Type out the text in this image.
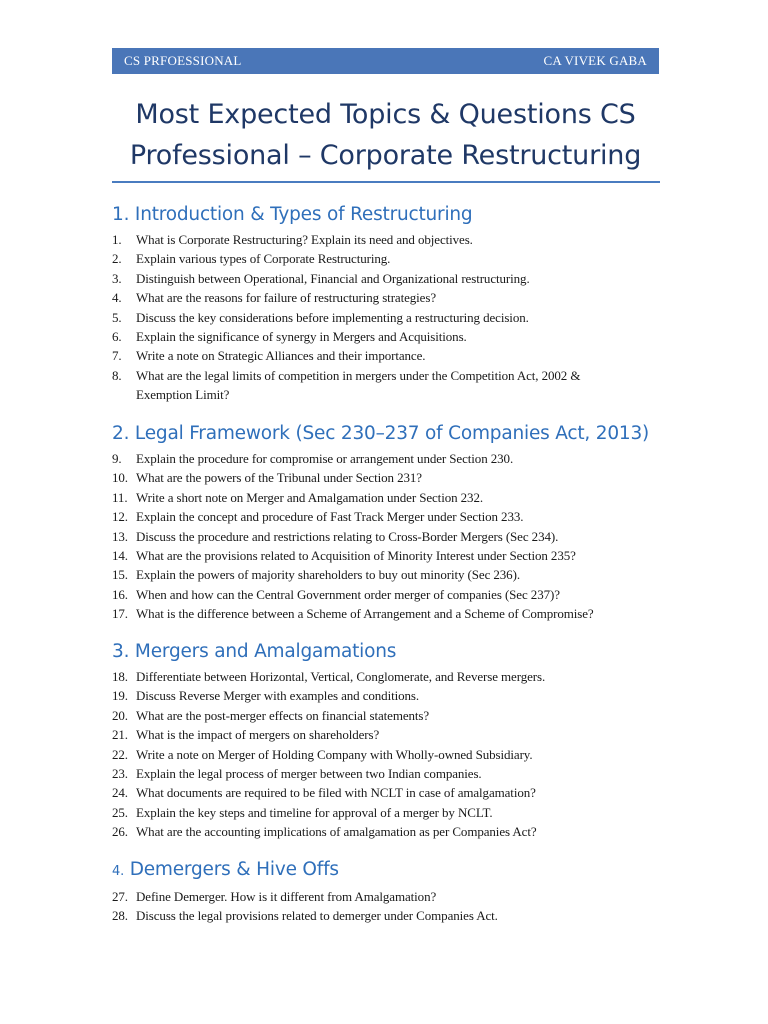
CS PRFOESSIONAL	CA VIVEK GABA
Most Expected Topics & Questions CS
Professional – Corporate Restructuring
1. Introduction & Types of Restructuring
1. What is Corporate Restructuring? Explain its need and objectives.
2. Explain various types of Corporate Restructuring.
3. Distinguish between Operational, Financial and Organizational restructuring.
4. What are the reasons for failure of restructuring strategies?
5. Discuss the key considerations before implementing a restructuring decision.
6. Explain the significance of synergy in Mergers and Acquisitions.
7. Write a note on Strategic Alliances and their importance.
8. What are the legal limits of competition in mergers under the Competition Act, 2002 &
Exemption Limit?
2. Legal Framework (Sec 230–237 of Companies Act, 2013)
9. Explain the procedure for compromise or arrangement under Section 230.
10. What are the powers of the Tribunal under Section 231?
11. Write a short note on Merger and Amalgamation under Section 232.
12. Explain the concept and procedure of Fast Track Merger under Section 233.
13. Discuss the procedure and restrictions relating to Cross-Border Mergers (Sec 234).
14. What are the provisions related to Acquisition of Minority Interest under Section 235?
15. Explain the powers of majority shareholders to buy out minority (Sec 236).
16. When and how can the Central Government order merger of companies (Sec 237)?
17. What is the difference between a Scheme of Arrangement and a Scheme of Compromise?
3. Mergers and Amalgamations
18. Differentiate between Horizontal, Vertical, Conglomerate, and Reverse mergers.
19. Discuss Reverse Merger with examples and conditions.
20. What are the post-merger effects on financial statements?
21. What is the impact of mergers on shareholders?
22. Write a note on Merger of Holding Company with Wholly-owned Subsidiary.
23. Explain the legal process of merger between two Indian companies.
24. What documents are required to be filed with NCLT in case of amalgamation?
25. Explain the key steps and timeline for approval of a merger by NCLT.
26. What are the accounting implications of amalgamation as per Companies Act?
4. Demergers & Hive Offs
27. Define Demerger. How is it different from Amalgamation?
28. Discuss the legal provisions related to demerger under Companies Act.
